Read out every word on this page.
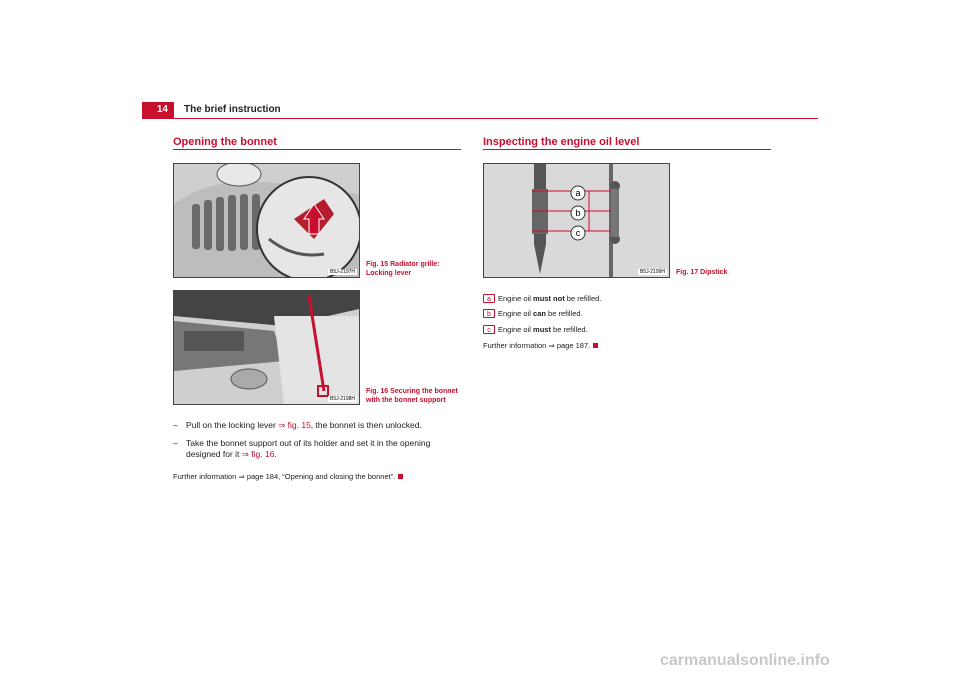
14	The brief instruction
Opening the bonnet
B5J-2197H
Fig. 15 Radiator grille: Locking lever
B5J-2198H
Fig. 16 Securing the bonnet with the bonnet support
– Pull on the locking lever ⇒ fig. 15, the bonnet is then unlocked.
– Take the bonnet support out of its holder and set it in the opening designed for it ⇒ fig. 16.
Further information ⇒ page 184, “Opening and closing the bonnet”.
Inspecting the engine oil level
a
b
c
B5J-2199H Fig. 17 Dipstick
a Engine oil must not be refilled.
b Engine oil can be refilled.
c Engine oil must be refilled.
Further information ⇒ page 187.
carmanualsonline.info
